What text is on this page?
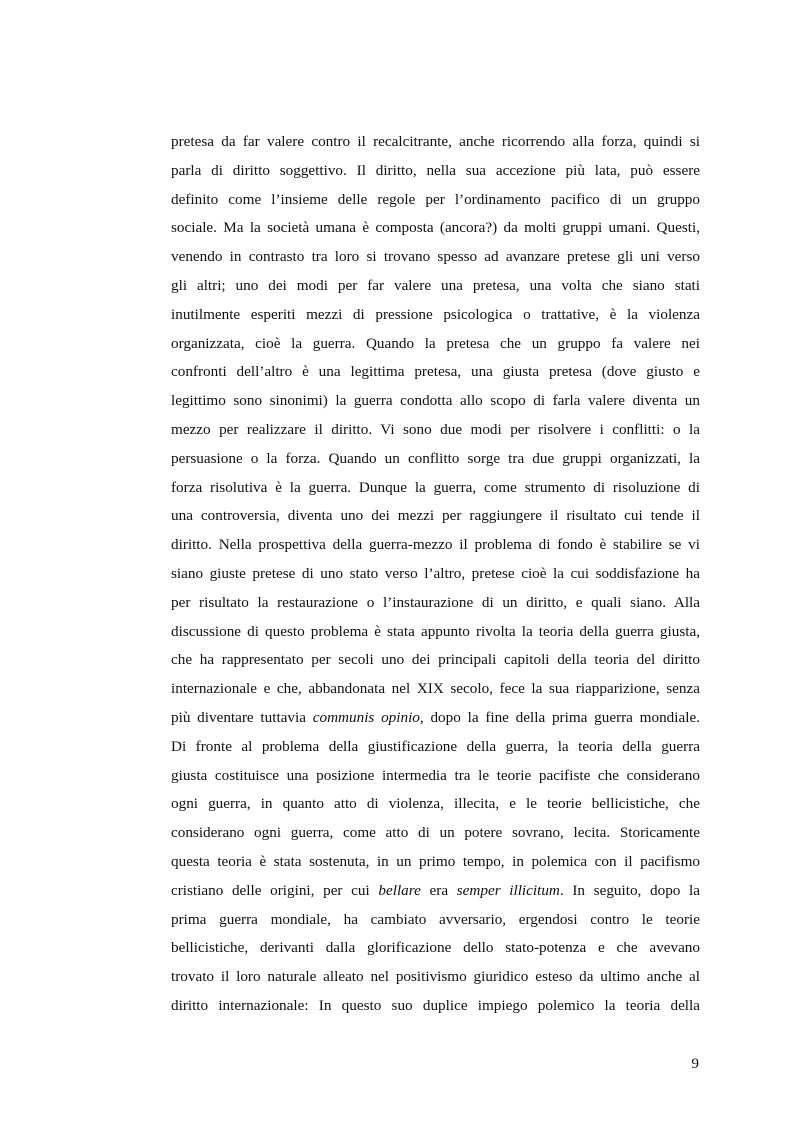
pretesa da far valere contro il recalcitrante, anche ricorrendo alla forza, quindi si
parla di diritto soggettivo. Il diritto, nella sua accezione più lata, può essere
definito come l’insieme delle regole per l’ordinamento pacifico di un gruppo
sociale. Ma la società umana è composta (ancora?) da molti gruppi umani. Questi,
venendo in contrasto tra loro si trovano spesso ad avanzare pretese gli uni verso
gli altri; uno dei modi per far valere una pretesa, una volta che siano stati
inutilmente esperiti mezzi di pressione psicologica o trattative, è la violenza
organizzata, cioè la guerra. Quando la pretesa che un gruppo fa valere nei
confronti dell’altro è una legittima pretesa, una giusta pretesa (dove giusto e
legittimo sono sinonimi) la guerra condotta allo scopo di farla valere diventa un
mezzo per realizzare il diritto. Vi sono due modi per risolvere i conflitti: o la
persuasione o la forza. Quando un conflitto sorge tra due gruppi organizzati, la
forza risolutiva è la guerra. Dunque la guerra, come strumento di risoluzione di
una controversia, diventa uno dei mezzi per raggiungere il risultato cui tende il
diritto. Nella prospettiva della guerra-mezzo il problema di fondo è stabilire se vi
siano giuste pretese di uno stato verso l’altro, pretese cioè la cui soddisfazione ha
per risultato la restaurazione o l’instaurazione di un diritto, e quali siano. Alla
discussione di questo problema è stata appunto rivolta la teoria della guerra giusta,
che ha rappresentato per secoli uno dei principali capitoli della teoria del diritto
internazionale e che, abbandonata nel XIX secolo, fece la sua riapparizione, senza
più diventare tuttavia communis opinio, dopo la fine della prima guerra mondiale.
Di fronte al problema della giustificazione della guerra, la teoria della guerra
giusta costituisce una posizione intermedia tra le teorie pacifiste che considerano
ogni guerra, in quanto atto di violenza, illecita, e le teorie bellicistiche, che
considerano ogni guerra, come atto di un potere sovrano, lecita. Storicamente
questa teoria è stata sostenuta, in un primo tempo, in polemica con il pacifismo
cristiano delle origini, per cui bellare era semper illicitum. In seguito, dopo la
prima guerra mondiale, ha cambiato avversario, ergendosi contro le teorie
bellicistiche, derivanti dalla glorificazione dello stato-potenza e che avevano
trovato il loro naturale alleato nel positivismo giuridico esteso da ultimo anche al
diritto internazionale: In questo suo duplice impiego polemico la teoria della
9
